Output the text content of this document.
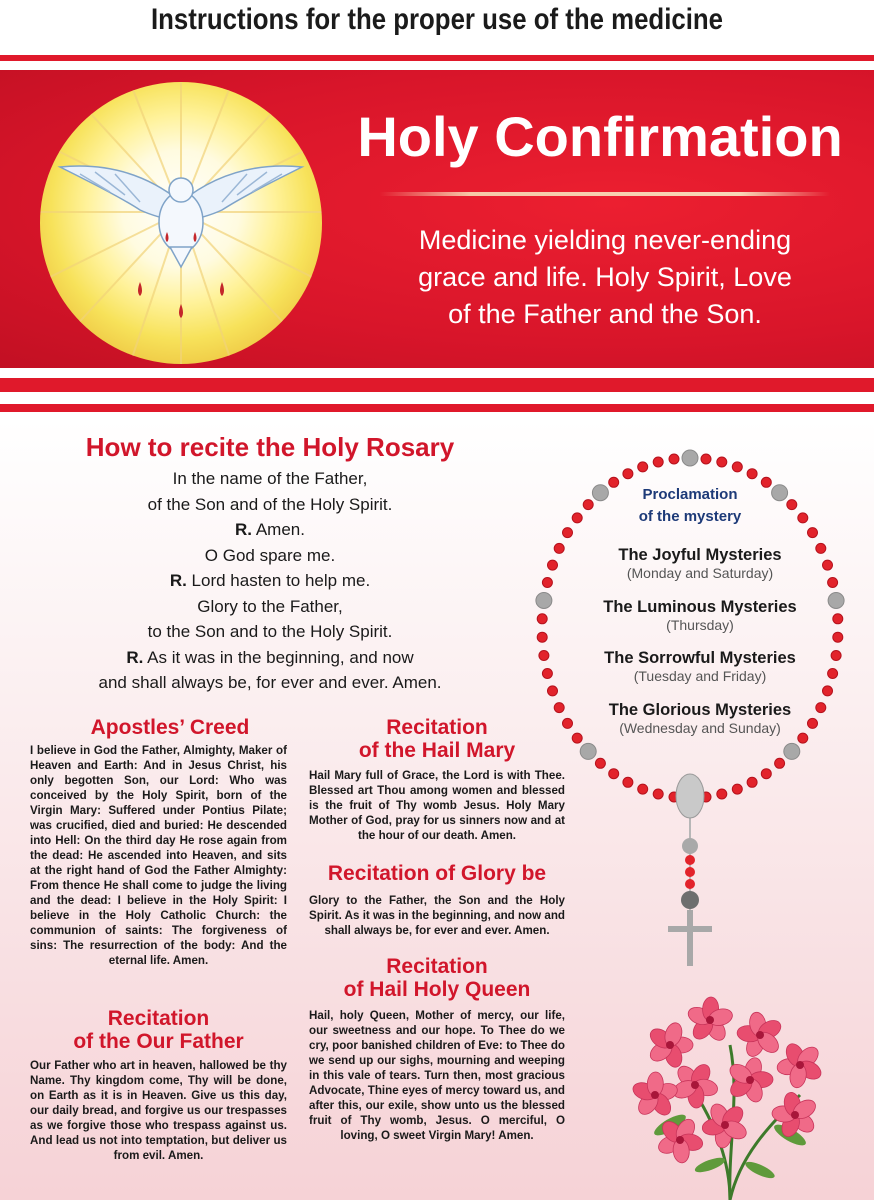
Instructions for the proper use of the medicine
Holy Confirmation
Medicine yielding never-ending
grace and life. Holy Spirit, Love
of the Father and the Son.
How to recite the Holy Rosary
In the name of the Father,
of the Son and of the Holy Spirit.
R. Amen.
O God spare me.
R. Lord hasten to help me.
Glory to the Father,
to the Son and to the Holy Spirit.
R. As it was in the beginning, and now
and shall always be, for ever and ever. Amen.
Apostles’ Creed
I believe in God the Father, Almighty, Maker of Heaven and Earth: And in Jesus Christ, his only begotten Son, our Lord: Who was conceived by the Holy Spirit, born of the Virgin Mary: Suffered under Pontius Pilate; was crucified, died and buried: He descended into Hell: On the third day He rose again from the dead: He ascended into Heaven, and sits at the right hand of God the Father Almighty: From thence He shall come to judge the living and the dead: I believe in the Holy Spirit: I believe in the Holy Catholic Church: the communion of saints: The forgiveness of sins: The resurrection of the body: And the eternal life. Amen.
Recitation
of the Our Father
Our Father who art in heaven, hallowed be thy Name. Thy kingdom come, Thy will be done, on Earth as it is in Heaven. Give us this day, our daily bread, and forgive us our trespasses as we forgive those who trespass against us. And lead us not into temptation, but deliver us from evil. Amen.
Recitation
of the Hail Mary
Hail Mary full of Grace, the Lord is with Thee. Blessed art Thou among women and blessed is the fruit of Thy womb Jesus. Holy Mary Mother of God, pray for us sinners now and at the hour of our death. Amen.
Recitation of Glory be
Glory to the Father, the Son and the Holy Spirit. As it was in the beginning, and now and shall always be, for ever and ever. Amen.
Recitation
of Hail Holy Queen
Hail, holy Queen, Mother of mercy, our life, our sweetness and our hope. To Thee do we cry, poor banished children of Eve: to Thee do we send up our sighs, mourning and weeping in this vale of tears. Turn then, most gracious Advocate, Thine eyes of mercy toward us, and after this, our exile, show unto us the blessed fruit of Thy womb, Jesus. O merciful, O loving, O sweet Virgin Mary! Amen.
Proclamation
of the mystery
The Joyful Mysteries
(Monday and Saturday)
The Luminous Mysteries
(Thursday)
The Sorrowful Mysteries
(Tuesday and Friday)
The Glorious Mysteries
(Wednesday and Sunday)
